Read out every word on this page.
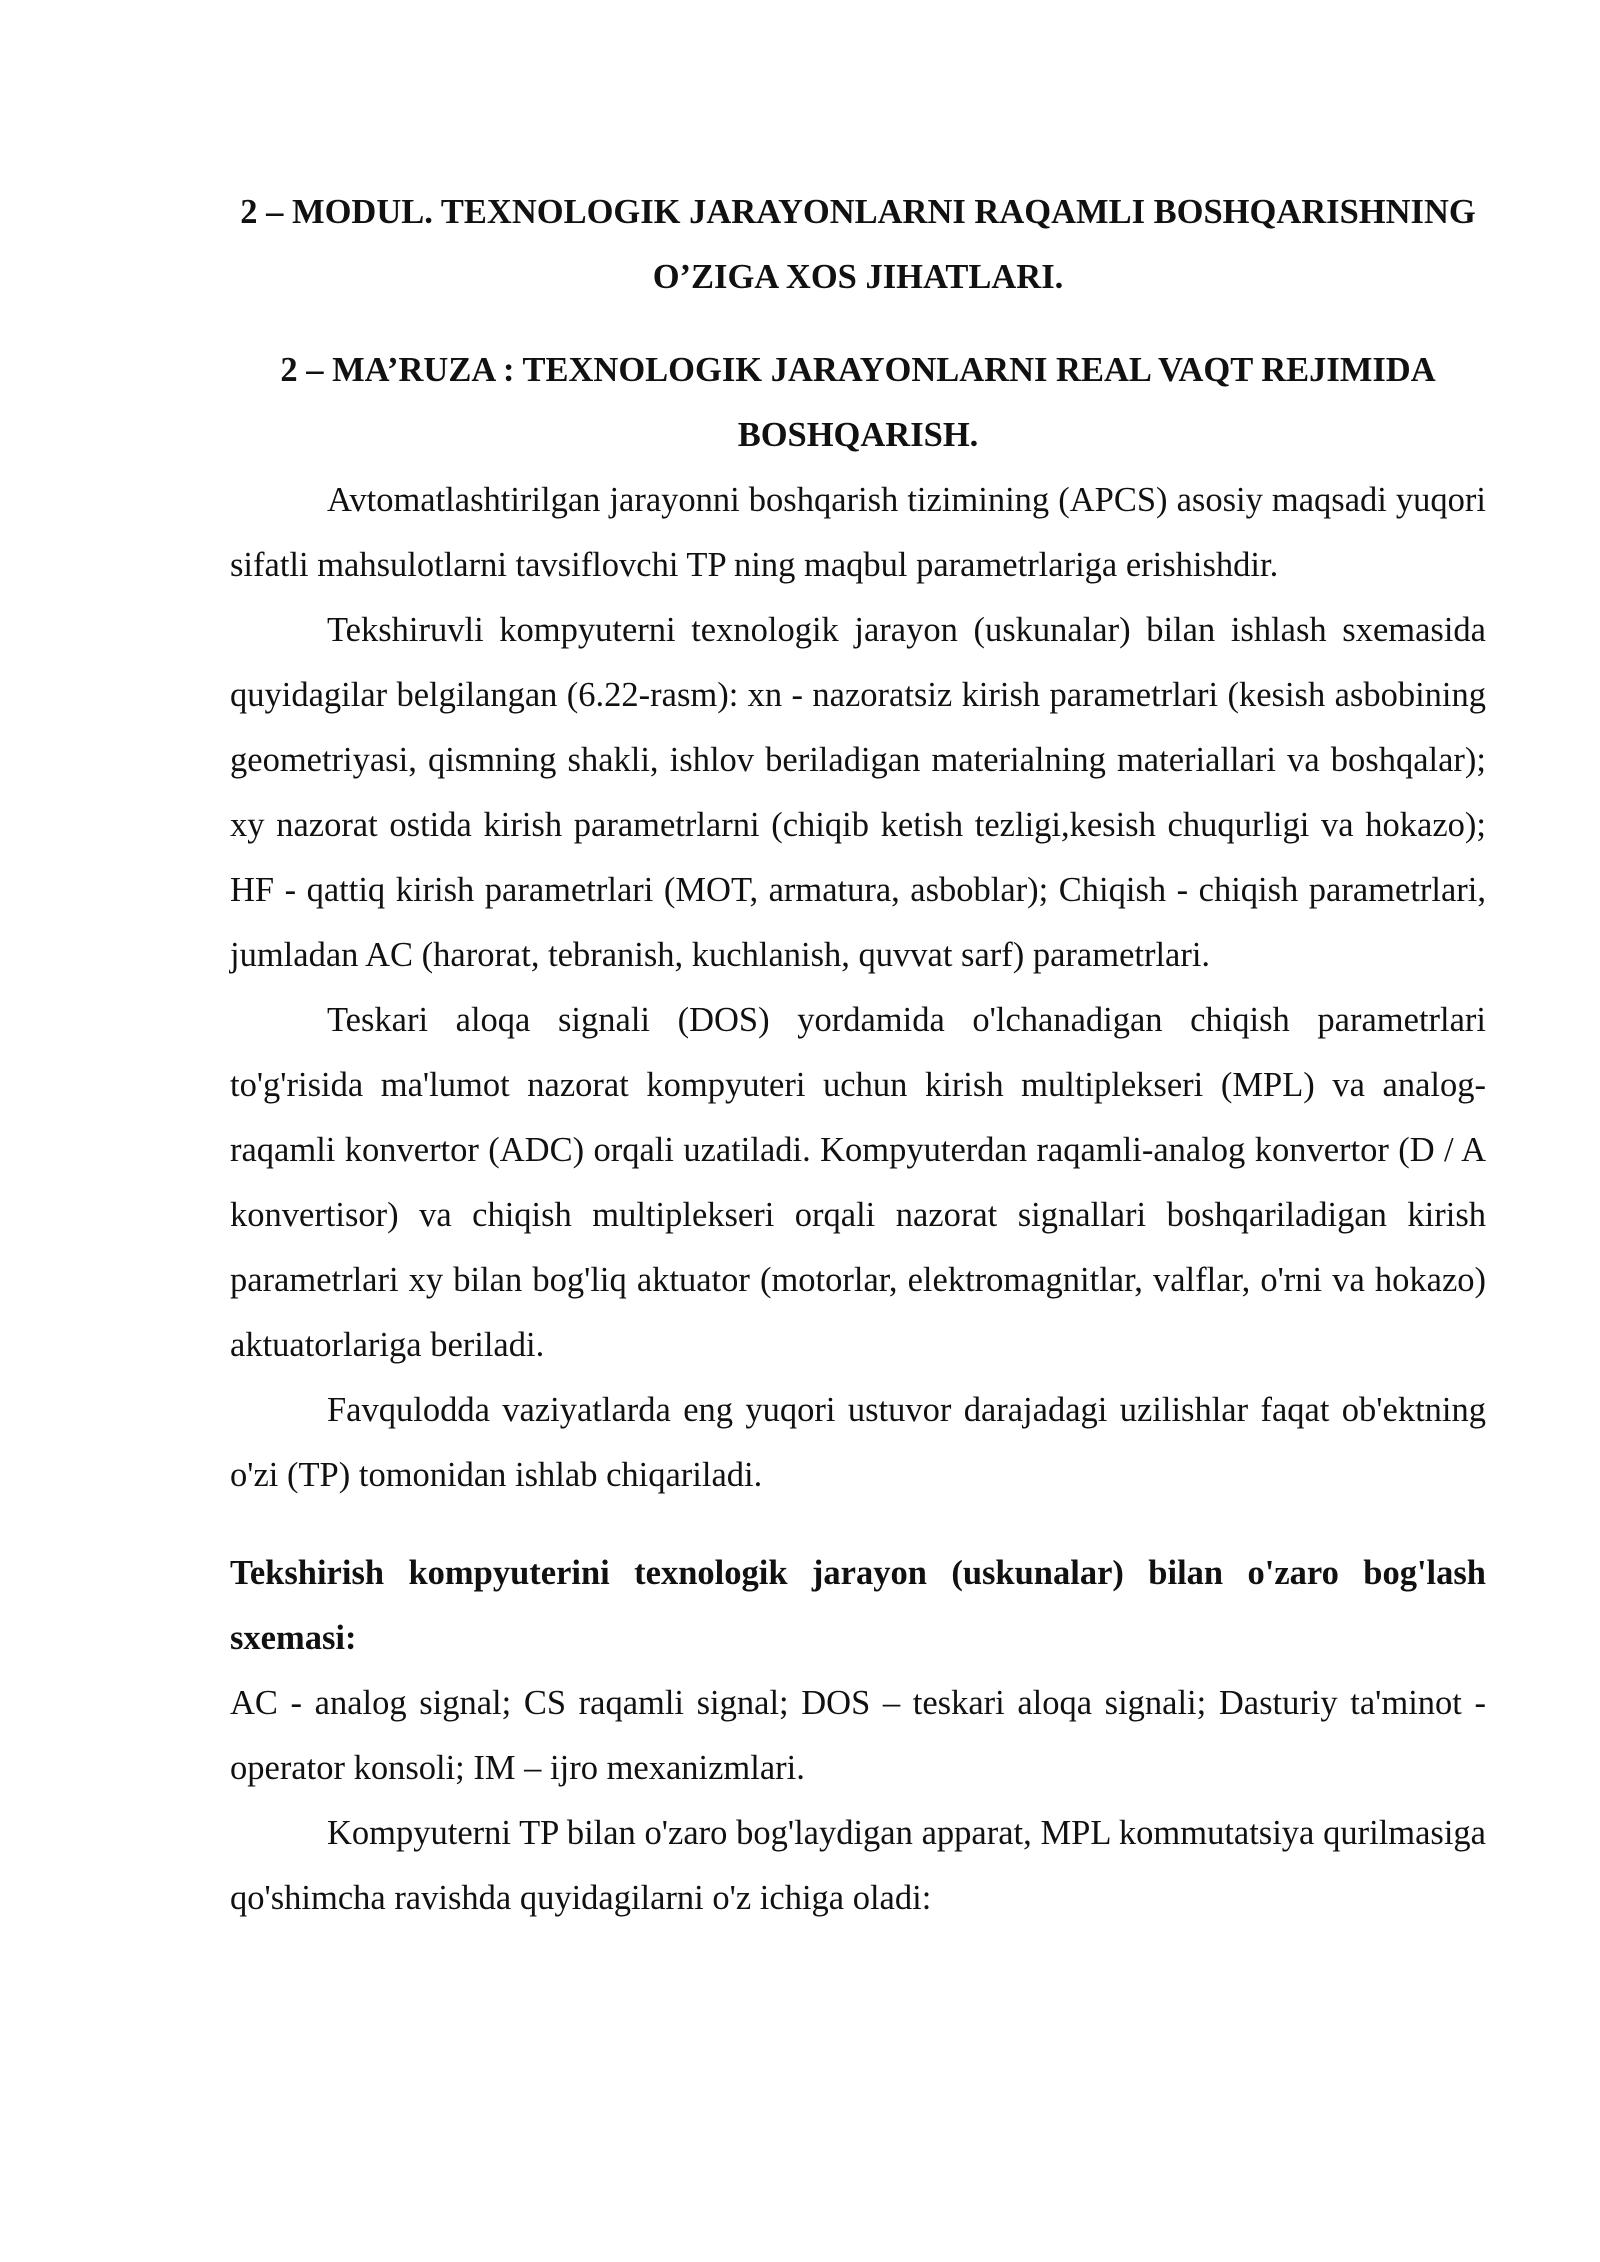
2 – MODUL. TEXNOLOGIK JARAYONLARNI RAQAMLI BOSHQARISHNING O’ZIGA XOS JIHATLARI.

2 – MA’RUZA : TEXNOLOGIK JARAYONLARNI REAL VAQT REJIMIDA BOSHQARISH.

Avtomatlashtirilgan jarayonni boshqarish tizimining (APCS) asosiy maqsadi yuqori sifatli mahsulotlarni tavsiflovchi TP ning maqbul parametrlariga erishishdir.

Tekshiruvli kompyuterni texnologik jarayon (uskunalar) bilan ishlash sxemasida quyidagilar belgilangan (6.22-rasm): xn - nazoratsiz kirish parametrlari (kesish asbobining geometriyasi, qismning shakli, ishlov beriladigan materialning materiallari va boshqalar); xy nazorat ostida kirish parametrlarni (chiqib ketish tezligi,kesish chuqurligi va hokazo); HF - qattiq kirish parametrlari (MOT, armatura, asboblar); Chiqish - chiqish parametrlari, jumladan AC (harorat, tebranish, kuchlanish, quvvat sarf) parametrlari.

Teskari aloqa signali (DOS) yordamida o'lchanadigan chiqish parametrlari to'g'risida ma'lumot nazorat kompyuteri uchun kirish multiplekseri (MPL) va analog-raqamli konvertor (ADC) orqali uzatiladi. Kompyuterdan raqamli-analog konvertor (D / A konvertisor) va chiqish multiplekseri orqali nazorat signallari boshqariladigan kirish parametrlari xy bilan bog'liq aktuator (motorlar, elektromagnitlar, valflar, o'rni va hokazo) aktuatorlariga beriladi.

Favqulodda vaziyatlarda eng yuqori ustuvor darajadagi uzilishlar faqat ob'ektning o'zi (TP) tomonidan ishlab chiqariladi.

Tekshirish kompyuterini texnologik jarayon (uskunalar) bilan o'zaro bog'lash sxemasi:

AC - analog signal; CS raqamli signal; DOS – teskari aloqa signali; Dasturiy ta'minot -operator konsoli; IM – ijro mexanizmlari.

Kompyuterni TP bilan o'zaro bog'laydigan apparat, MPL kommutatsiya qurilmasiga qo'shimcha ravishda quyidagilarni o'z ichiga oladi:
